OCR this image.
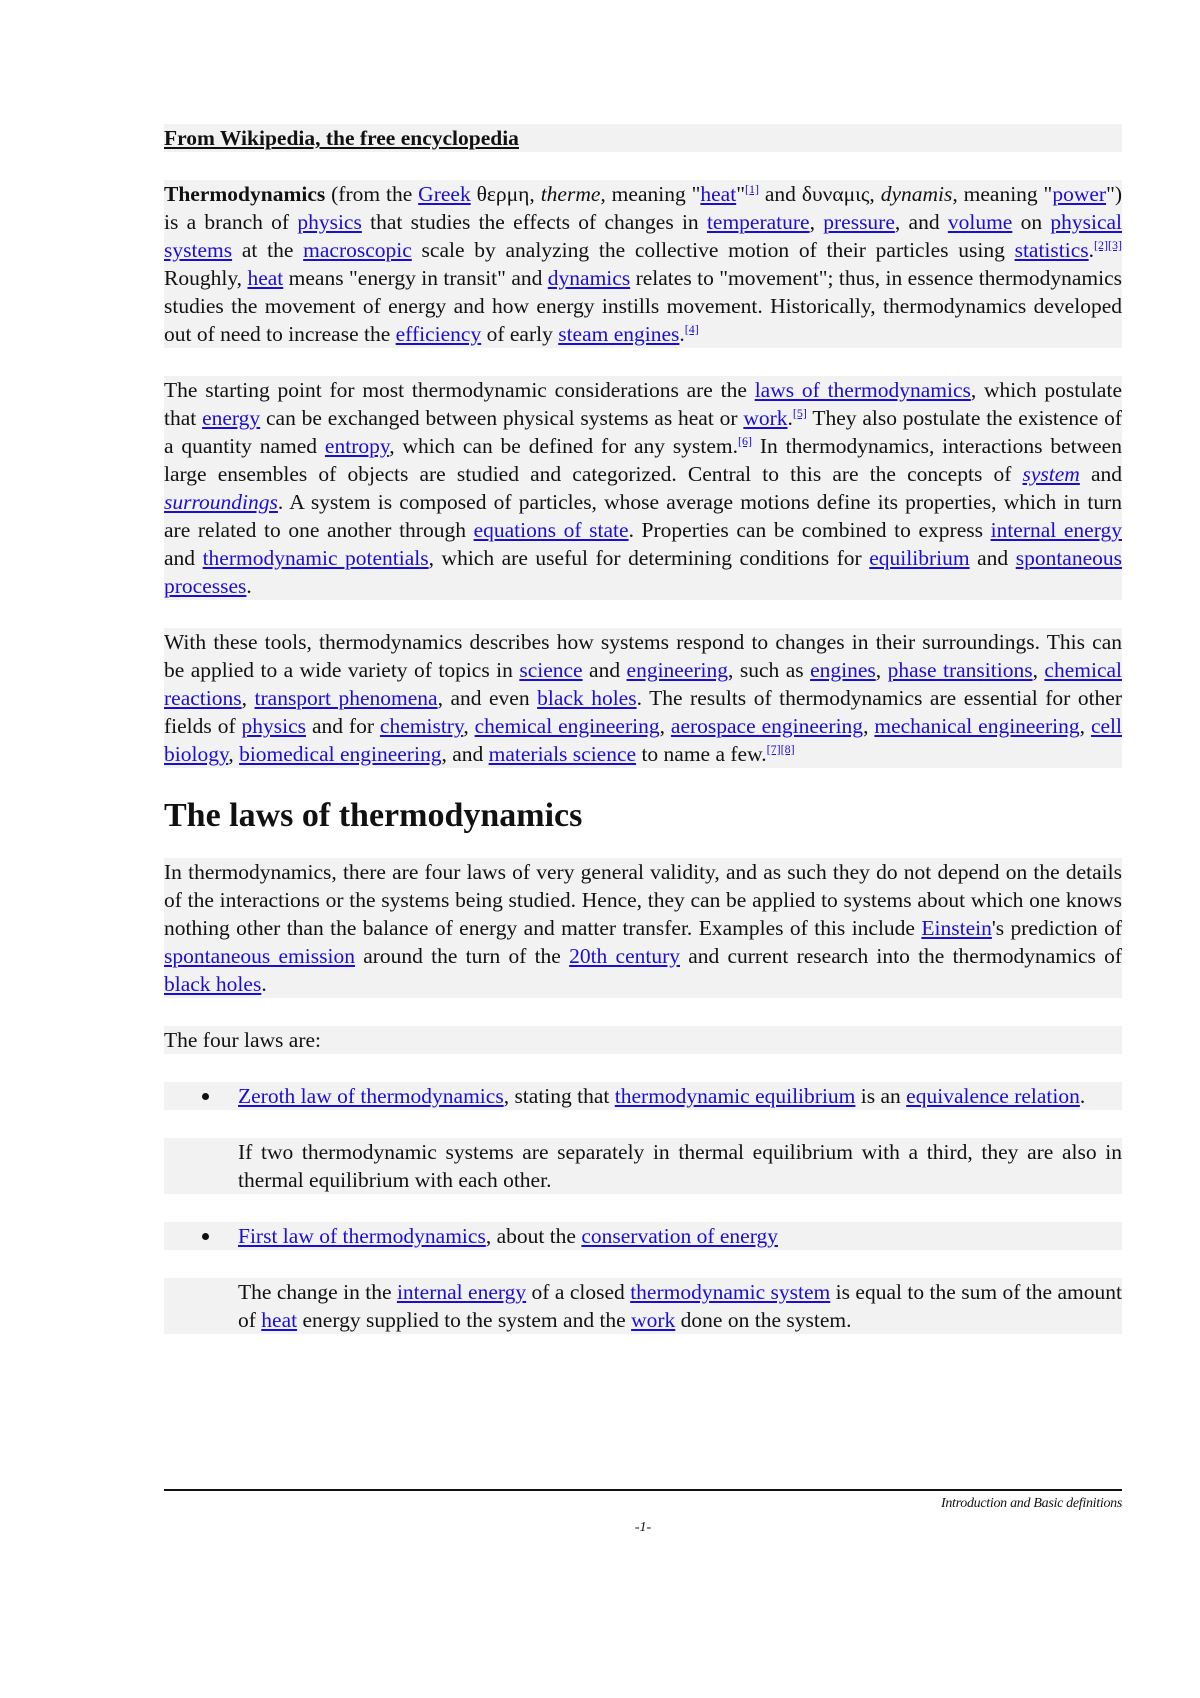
From Wikipedia, the free encyclopedia

Thermodynamics (from the Greek θερμη, therme, meaning "heat"[1] and δυναμις, dynamis, meaning "power") is a branch of physics that studies the effects of changes in temperature, pressure, and volume on physical systems at the macroscopic scale by analyzing the collective motion of their particles using statistics.[2][3] Roughly, heat means "energy in transit" and dynamics relates to "movement"; thus, in essence thermodynamics studies the movement of energy and how energy instills movement. Historically, thermodynamics developed out of need to increase the efficiency of early steam engines.[4]

The starting point for most thermodynamic considerations are the laws of thermodynamics, which postulate that energy can be exchanged between physical systems as heat or work.[5] They also postulate the existence of a quantity named entropy, which can be defined for any system.[6] In thermodynamics, interactions between large ensembles of objects are studied and categorized. Central to this are the concepts of system and surroundings. A system is composed of particles, whose average motions define its properties, which in turn are related to one another through equations of state. Properties can be combined to express internal energy and thermodynamic potentials, which are useful for determining conditions for equilibrium and spontaneous processes.

With these tools, thermodynamics describes how systems respond to changes in their surroundings. This can be applied to a wide variety of topics in science and engineering, such as engines, phase transitions, chemical reactions, transport phenomena, and even black holes. The results of thermodynamics are essential for other fields of physics and for chemistry, chemical engineering, aerospace engineering, mechanical engineering, cell biology, biomedical engineering, and materials science to name a few.[7][8]

The laws of thermodynamics

In thermodynamics, there are four laws of very general validity, and as such they do not depend on the details of the interactions or the systems being studied. Hence, they can be applied to systems about which one knows nothing other than the balance of energy and matter transfer. Examples of this include Einstein's prediction of spontaneous emission around the turn of the 20th century and current research into the thermodynamics of black holes.

The four laws are:

Zeroth law of thermodynamics, stating that thermodynamic equilibrium is an equivalence relation.

If two thermodynamic systems are separately in thermal equilibrium with a third, they are also in thermal equilibrium with each other.

First law of thermodynamics, about the conservation of energy

The change in the internal energy of a closed thermodynamic system is equal to the sum of the amount of heat energy supplied to the system and the work done on the system.

Introduction and Basic definitions
-1-
